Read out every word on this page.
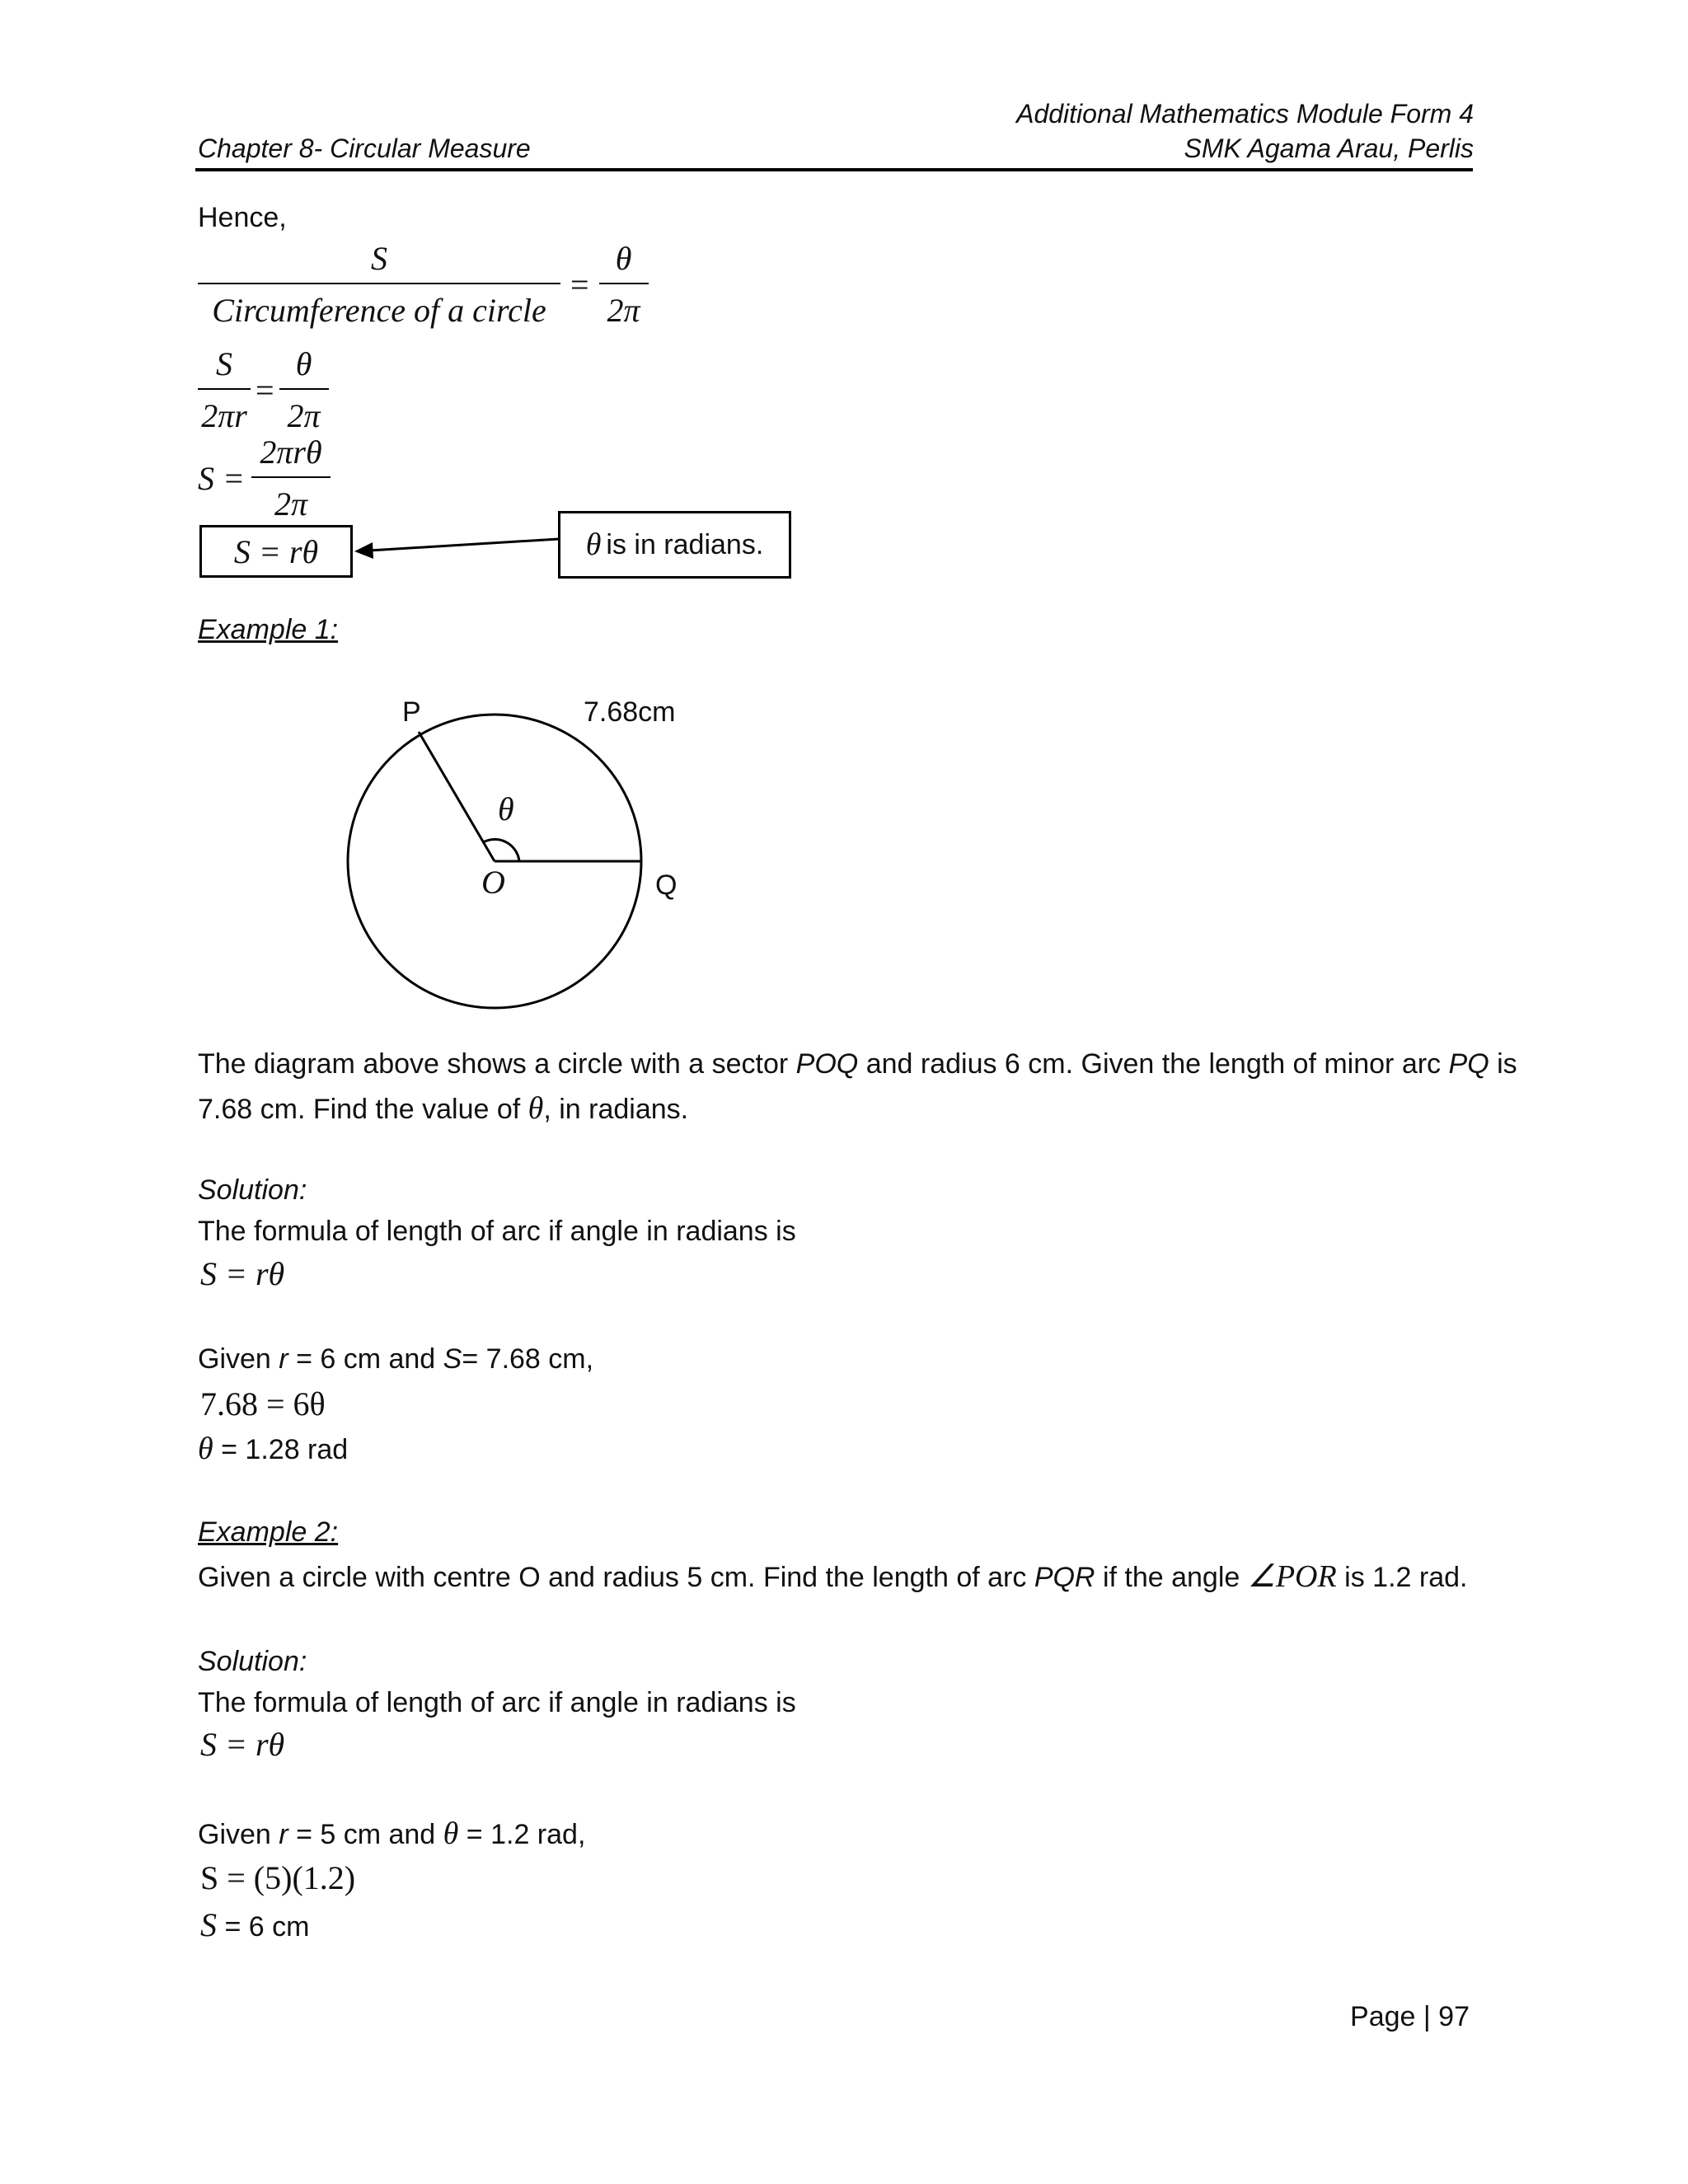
Additional Mathematics Module Form 4
SMK Agama Arau, Perlis
Chapter 8- Circular Measure
Hence,
$\frac{S}{\text{Circumference of a circle}} = \frac{\theta}{2\pi}$
$\frac{S}{2\pi r} = \frac{\theta}{2\pi}$
$S = \frac{\text{2πrθ}}{2\pi}$
S = rθ	θ is in radians.
Example 1:
P	7.68cm
θ
O	Q
The diagram above shows a circle with a sector POQ and radius 6 cm. Given the length of minor arc PQ is
7.68 cm. Find the value of θ, in radians.
Solution:
The formula of length of arc if angle in radians is
S = rθ
Given r = 6 cm and S= 7.68 cm,
7.68 = 6θ
θ = 1.28 rad
Example 2:
Given a circle with centre O and radius 5 cm. Find the length of arc PQR if the angle ∠POR is 1.2 rad.
Solution:
The formula of length of arc if angle in radians is
S = rθ
Given r = 5 cm and θ = 1.2 rad,
S = (5)(1.2)
S = 6 cm
Page | 97
